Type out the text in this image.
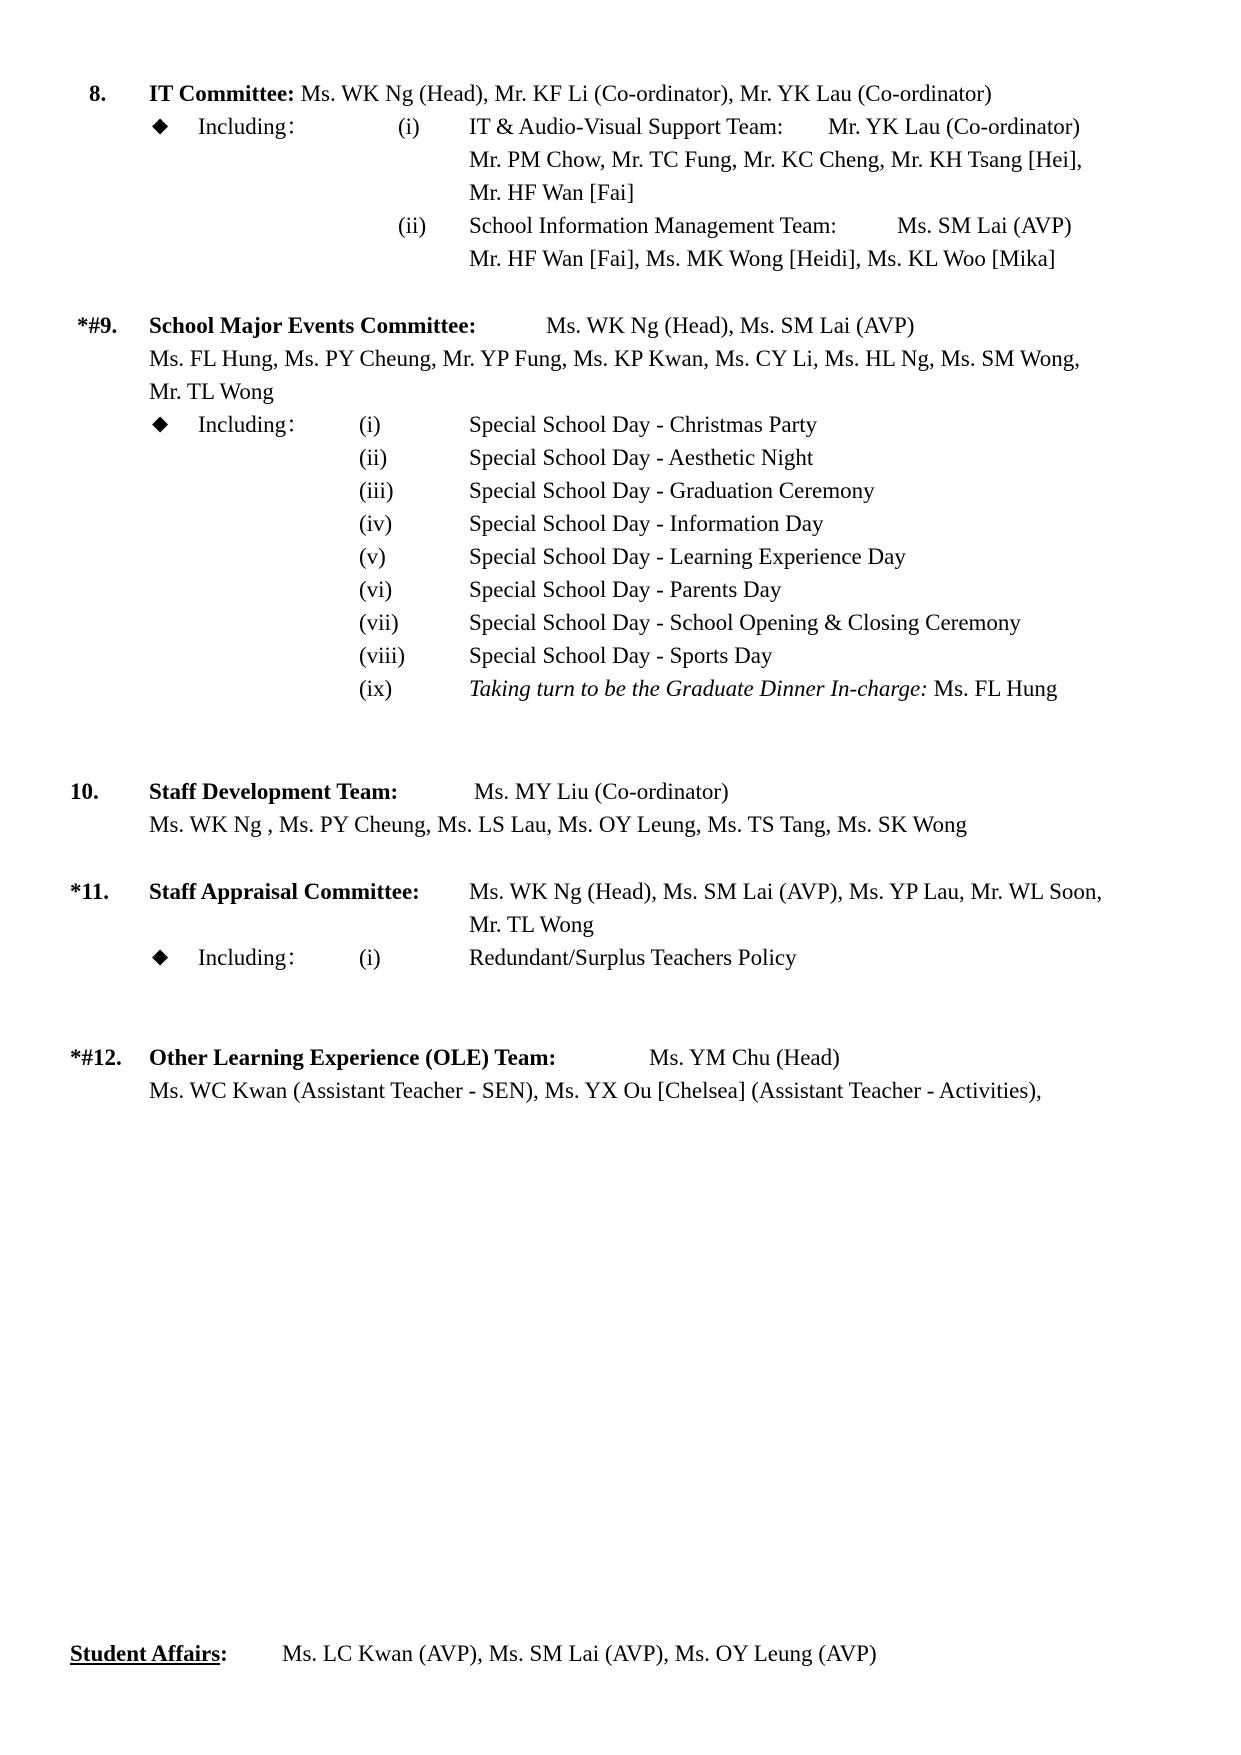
8. IT Committee: Ms. WK Ng (Head), Mr. KF Li (Co-ordinator), Mr. YK Lau (Co-ordinator)
◆ Including：	(i) IT & Audio-Visual Support Team: Mr. YK Lau (Co-ordinator)
Mr. PM Chow, Mr. TC Fung, Mr. KC Cheng, Mr. KH Tsang [Hei],
Mr. HF Wan [Fai]
(ii) School Information Management Team:	Ms. SM Lai (AVP)
Mr. HF Wan [Fai], Ms. MK Wong [Heidi], Ms. KL Woo [Mika]
*#9. School Major Events Committee:	Ms. WK Ng (Head), Ms. SM Lai (AVP)
Ms. FL Hung, Ms. PY Cheung, Mr. YP Fung, Ms. KP Kwan, Ms. CY Li, Ms. HL Ng, Ms. SM Wong,
Mr. TL Wong
◆ Including： (i)	Special School Day - Christmas Party
(ii)	Special School Day - Aesthetic Night
(iii)	Special School Day - Graduation Ceremony
(iv)	Special School Day - Information Day
(v)	Special School Day - Learning Experience Day
(vi)	Special School Day - Parents Day
(vii)	Special School Day - School Opening & Closing Ceremony
(viii)	Special School Day - Sports Day
(ix)	Taking turn to be the Graduate Dinner In-charge: Ms. FL Hung
10. Staff Development Team:	Ms. MY Liu (Co-ordinator)
Ms. WK Ng , Ms. PY Cheung, Ms. LS Lau, Ms. OY Leung, Ms. TS Tang, Ms. SK Wong
*11. Staff Appraisal Committee: Ms. WK Ng (Head), Ms. SM Lai (AVP), Ms. YP Lau, Mr. WL Soon,
Mr. TL Wong
◆ Including： (i)	Redundant/Surplus Teachers Policy
*#12. Other Learning Experience (OLE) Team:	Ms. YM Chu (Head)
Ms. WC Kwan (Assistant Teacher - SEN), Ms. YX Ou [Chelsea] (Assistant Teacher - Activities),
Student Affairs: Ms. LC Kwan (AVP), Ms. SM Lai (AVP), Ms. OY Leung (AVP)
